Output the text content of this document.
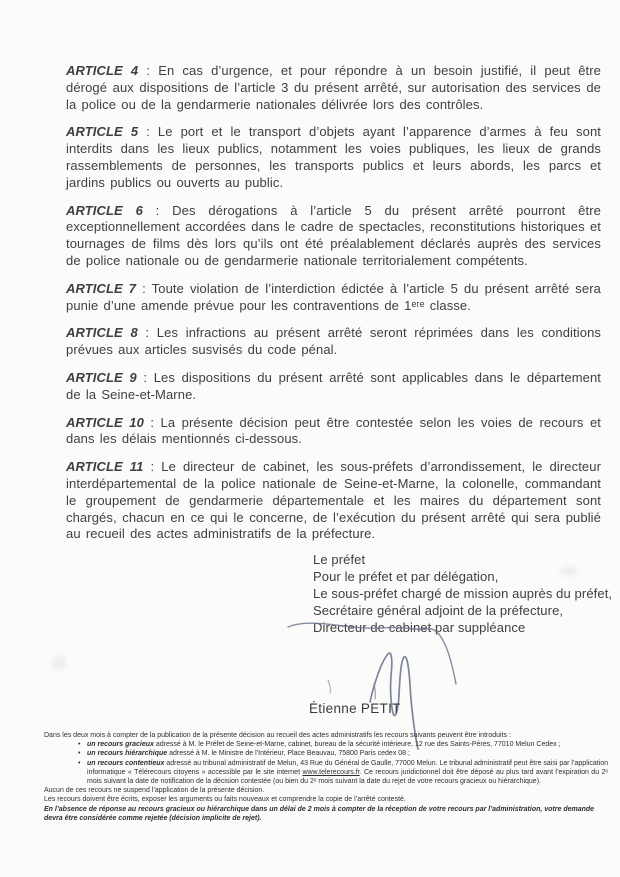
ARTICLE 4 : En cas d’urgence, et pour répondre à un besoin justifié, il peut être dérogé aux dispositions de l’article 3 du présent arrêté, sur autorisation des services de la police ou de la gendarmerie nationales délivrée lors des contrôles.

ARTICLE 5 : Le port et le transport d’objets ayant l’apparence d’armes à feu sont interdits dans les lieux publics, notamment les voies publiques, les lieux de grands rassemblements de personnes, les transports publics et leurs abords, les parcs et jardins publics ou ouverts au public.

ARTICLE 6 : Des dérogations à l’article 5 du présent arrêté pourront être exceptionnellement accordées dans le cadre de spectacles, reconstitutions historiques et tournages de films dès lors qu’ils ont été préalablement déclarés auprès des services de police nationale ou de gendarmerie nationale territorialement compétents.

ARTICLE 7 : Toute violation de l’interdiction édictée à l’article 5 du présent arrêté sera punie d’une amende prévue pour les contraventions de 1ᵉʳᵉ classe.

ARTICLE 8 : Les infractions au présent arrêté seront réprimées dans les conditions prévues aux articles susvisés du code pénal.

ARTICLE 9 : Les dispositions du présent arrêté sont applicables dans le département de la Seine-et-Marne.

ARTICLE 10 : La présente décision peut être contestée selon les voies de recours et dans les délais mentionnés ci-dessous.

ARTICLE 11 : Le directeur de cabinet, les sous-préfets d’arrondissement, le directeur interdépartemental de la police nationale de Seine-et-Marne, la colonelle, commandant le groupement de gendarmerie départementale et les maires du département sont chargés, chacun en ce qui le concerne, de l’exécution du présent arrêté qui sera publié au recueil des actes administratifs de la préfecture.

Le préfet
Pour le préfet et par délégation,
Le sous-préfet chargé de mission auprès du préfet,
Secrétaire général adjoint de la préfecture,
Directeur de cabinet par suppléance
Étienne PETIT

Dans les deux mois à compter de la publication de la présente décision au recueil des actes administratifs les recours suivants peuvent être introduits :

• un recours gracieux adressé à M. le Préfet de Seine-et-Marne, cabinet, bureau de la sécurité intérieure, 12 rue des Saints-Pères, 77010 Melun Cedex ;
• un recours hiérarchique adressé à M. le Ministre de l’Intérieur, Place Beauvau, 75800 Paris cedex 08 ;
• un recours contentieux adressé au tribunal administratif de Melun, 43 Rue du Général de Gaulle, 77000 Melun. Le tribunal administratif peut être saisi par l’application informatique « Télérecours citoyens » accessible par le site internet www.telerecours.fr. Ce recours juridictionnel doit être déposé au plus tard avant l’expiration du 2ᵉ mois suivant la date de notification de la décision contestée (ou bien du 2ᵉ mois suivant la date du rejet de votre recours gracieux ou hiérarchique).

Aucun de ces recours ne suspend l’application de la présente décision.

Les recours doivent être écrits, exposer les arguments ou faits nouveaux et comprendre la copie de l’arrêté contesté.

En l’absence de réponse au recours gracieux ou hiérarchique dans un délai de 2 mois à compter de la réception de votre recours par l’administration, votre demande devra être considérée comme rejetée (décision implicite de rejet).
